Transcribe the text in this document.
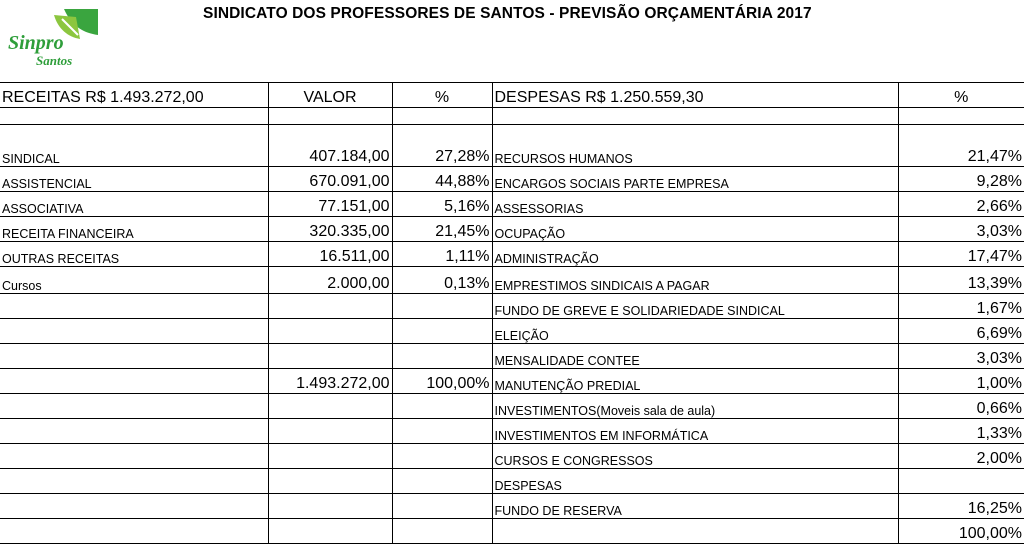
Sinpro
Santos
SINDICATO DOS PROFESSORES DE SANTOS - PREVISÃO ORÇAMENTÁRIA 2017
RECEITAS R$ 1.493.272,00	VALOR	%	DESPESAS R$ 1.250.559,30	%

SINDICAL	407.184,00	27,28%	RECURSOS HUMANOS	21,47%
ASSISTENCIAL	670.091,00	44,88%	ENCARGOS SOCIAIS PARTE EMPRESA	9,28%
ASSOCIATIVA	77.151,00	5,16%	ASSESSORIAS	2,66%
RECEITA FINANCEIRA	320.335,00	21,45%	OCUPAÇÃO	3,03%
OUTRAS RECEITAS	16.511,00	1,11%	ADMINISTRAÇÃO	17,47%
Cursos	2.000,00	0,13%	EMPRESTIMOS SINDICAIS A PAGAR	13,39%
			FUNDO DE GREVE E SOLIDARIEDADE SINDICAL	1,67%
			ELEIÇÃO	6,69%
			MENSALIDADE CONTEE	3,03%
	1.493.272,00	100,00%	MANUTENÇÃO PREDIAL	1,00%
			INVESTIMENTOS(Moveis sala de aula)	0,66%
			INVESTIMENTOS EM INFORMÁTICA	1,33%
			CURSOS E CONGRESSOS	2,00%
			DESPESAS	
			FUNDO DE RESERVA	16,25%
				100,00%
